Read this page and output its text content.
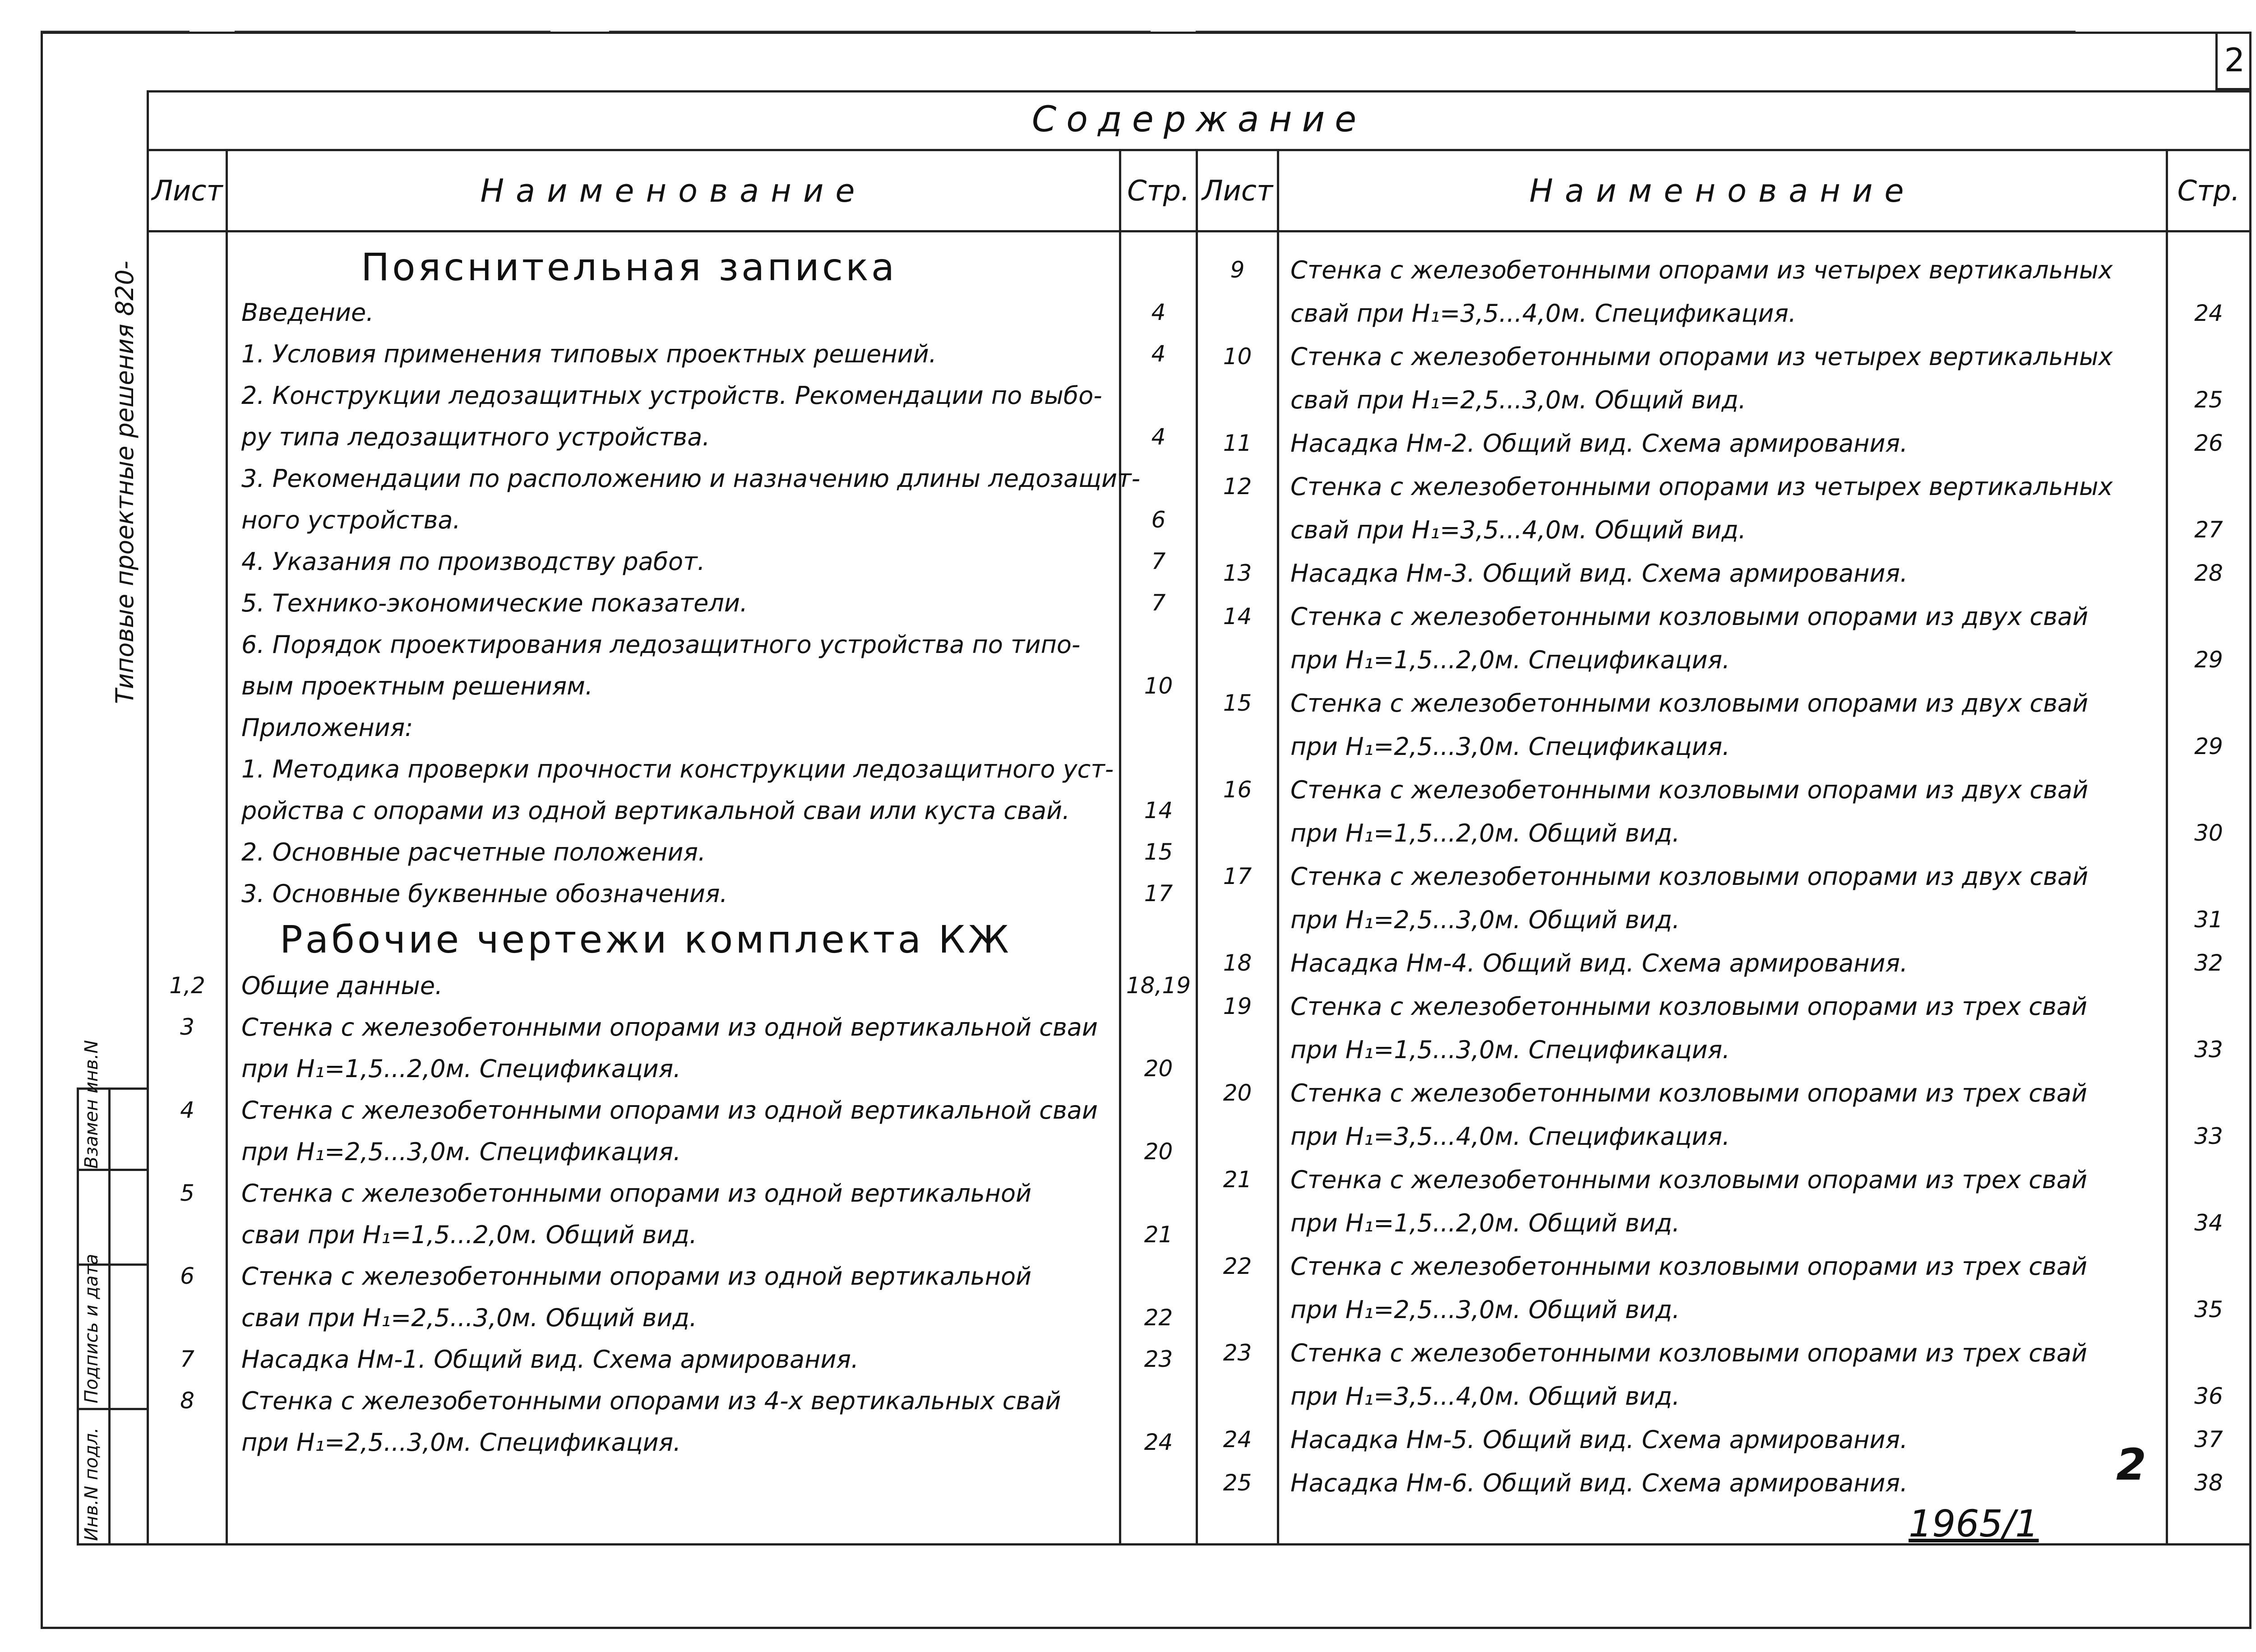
2
Взамен инв.N
Подпись и дата
Инв.N подл.
Типовые проектные решения 820-
Содержание
Лист	Наименование	Стр. Лист	Наименование	Стр.
Пояснительная записка
Введение.	4
1. Условия применения типовых проектных решений.	4
2. Конструкции ледозащитных устройств. Рекомендации по выбо-
ру типа ледозащитного устройства.	4
3. Рекомендации по расположению и назначению длины ледозащит-
ного устройства.	6
4. Указания по производству работ.	7
5. Технико-экономические показатели.	7
6. Порядок проектирования ледозащитного устройства по типо-
вым проектным решениям.	10
Приложения:
1. Методика проверки прочности конструкции ледозащитного уст-
ройства с опорами из одной вертикальной сваи или куста свай.	14
2. Основные расчетные положения.	15
3. Основные буквенные обозначения.	17
Рабочие чертежи комплекта КЖ
1,2	Общие данные.	18,19
3	Стенка с железобетонными опорами из одной вертикальной сваи
при H₁=1,5...2,0м. Спецификация.	20
4	Стенка с железобетонными опорами из одной вертикальной сваи
при H₁=2,5...3,0м. Спецификация.	20
5	Стенка с железобетонными опорами из одной вертикальной
сваи при H₁=1,5...2,0м. Общий вид.	21
6	Стенка с железобетонными опорами из одной вертикальной
сваи при H₁=2,5...3,0м. Общий вид.	22
7	Насадка Нм-1. Общий вид. Схема армирования.	23
8	Стенка с железобетонными опорами из 4-х вертикальных свай
при H₁=2,5...3,0м. Спецификация.	24
9	Стенка с железобетонными опорами из четырех вертикальных
свай при H₁=3,5...4,0м. Спецификация.	24
10	Стенка с железобетонными опорами из четырех вертикальных
свай при H₁=2,5...3,0м. Общий вид.	25
11	Насадка Нм-2. Общий вид. Схема армирования.	26
12	Стенка с железобетонными опорами из четырех вертикальных
свай при H₁=3,5...4,0м. Общий вид.	27
13	Насадка Нм-3. Общий вид. Схема армирования.	28
14	Стенка с железобетонными козловыми опорами из двух свай
при H₁=1,5...2,0м. Спецификация.	29
15	Стенка с железобетонными козловыми опорами из двух свай
при H₁=2,5...3,0м. Спецификация.	29
16	Стенка с железобетонными козловыми опорами из двух свай
при H₁=1,5...2,0м. Общий вид.	30
17	Стенка с железобетонными козловыми опорами из двух свай
при H₁=2,5...3,0м. Общий вид.	31
18	Насадка Нм-4. Общий вид. Схема армирования.	32
19	Стенка с железобетонными козловыми опорами из трех свай
при H₁=1,5...3,0м. Спецификация.	33
20	Стенка с железобетонными козловыми опорами из трех свай
при H₁=3,5...4,0м. Спецификация.	33
21	Стенка с железобетонными козловыми опорами из трех свай
при H₁=1,5...2,0м. Общий вид.	34
22	Стенка с железобетонными козловыми опорами из трех свай
при H₁=2,5...3,0м. Общий вид.	35
23	Стенка с железобетонными козловыми опорами из трех свай
при H₁=3,5...4,0м. Общий вид.	36
24	Насадка Нм-5. Общий вид. Схема армирования.	37
25	Насадка Нм-6. Общий вид. Схема армирования.	38
2
1965/1
